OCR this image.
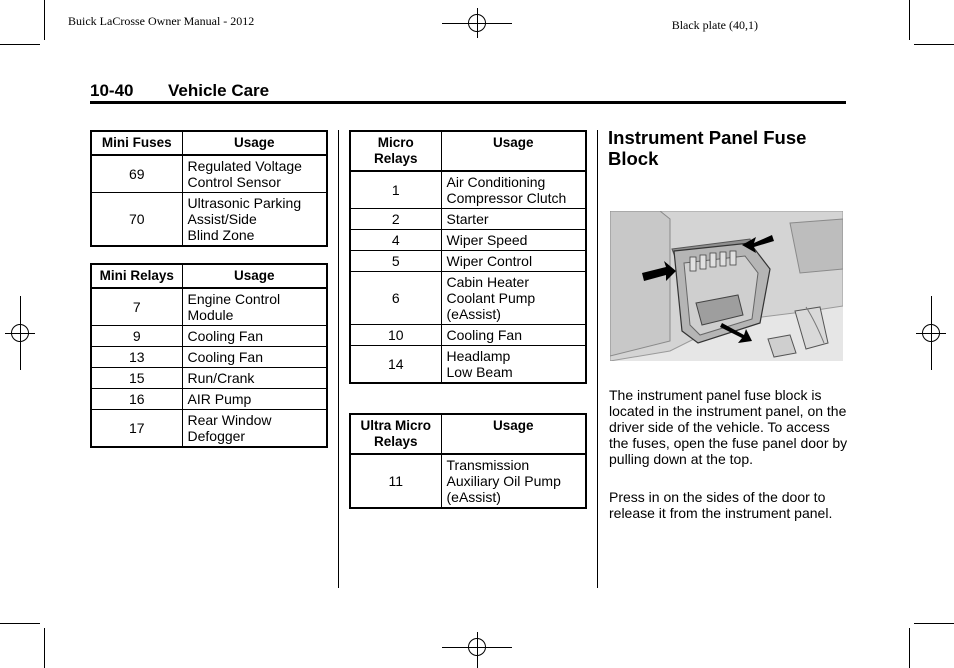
Buick LaCrosse Owner Manual - 2012	Black plate (40,1)
10-40 Vehicle Care
Mini Fuses	Usage
69	Regulated Voltage
Control Sensor
70	Ultrasonic Parking
Assist/Side
Blind Zone
Mini Relays	Usage
7	Engine Control
Module
9	Cooling Fan
13	Cooling Fan
15	Run/Crank
16	AIR Pump
17	Rear Window
Defogger
Micro
Relays	Usage
1	Air Conditioning
Compressor Clutch
2	Starter
4	Wiper Speed
5	Wiper Control
6	Cabin Heater
Coolant Pump
(eAssist)
10	Cooling Fan
14	Headlamp
Low Beam
Ultra Micro
Relays	Usage
11	Transmission
Auxiliary Oil Pump
(eAssist)
Instrument Panel Fuse Block
The instrument panel fuse block is located in the instrument panel, on the driver side of the vehicle. To access the fuses, open the fuse panel door by pulling down at the top.
Press in on the sides of the door to release it from the instrument panel.
